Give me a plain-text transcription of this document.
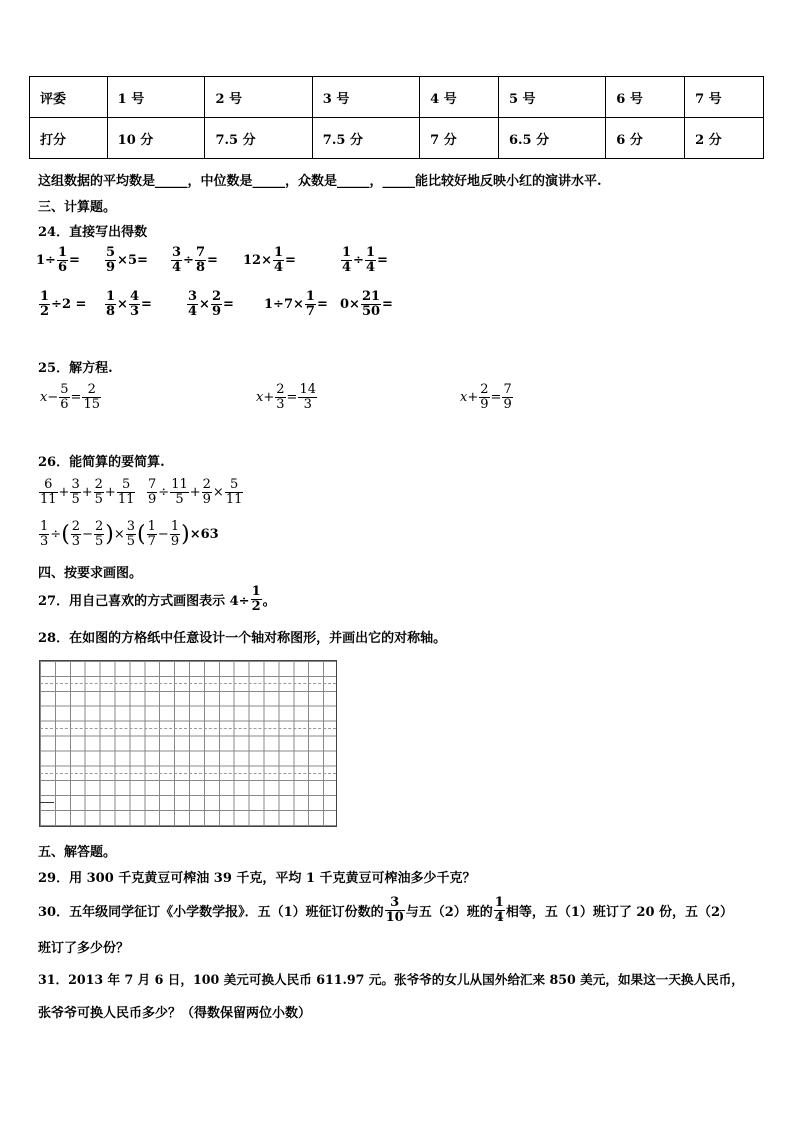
评委	1 号	2 号	3 号	4 号	5 号	6 号	7 号
打分	10 分	7.5 分	7.5 分	7 分	6.5 分	6 分	2 分
这组数据的平均数是_____，中位数是_____，众数是_____，_____能比较好地反映小红的演讲水平.
三、计算题。
24．直接写出得数
$1\div \frac{1}{6} = \frac{5}{9} \times 5= \frac{3}{4} \div \frac{7}{8} = 12\times \frac{1}{4}$ =	$\frac{1}{4} \div \frac{1}{4}$ =
$\frac{1}{2} \div 2 = \frac{1}{8} \times \frac{4}{3}$ =	$\frac{3}{4} \times \frac{2}{9} = 1\div 7\times \frac{1}{7} = 0\times \frac{21}{50}$ =
25．解方程.
$x - \frac{5}{6} = \frac{2}{15}$	$x + \frac{2}{3} = \frac{14}{3}$	$x + \frac{2}{9} = \frac{7}{9}$
26．能简算的要简算.
$\frac{6}{11} + \frac{3}{5} + \frac{2}{5} + \frac{5}{11} \frac{7}{9} \div \frac{11}{5} + \frac{2}{9} \times \frac{5}{11}$
$\frac{1}{3}$ ÷ ( $\frac{2}{3} - \frac{2}{5}$ ) × $\frac{3}{5}$ ( $\frac{1}{7} - \frac{1}{9}$ ) ×63
四、按要求画图。
27．用自己喜欢的方式画图表示 $4\div \frac{1}{2}$ 。
28．在如图的方格纸中任意设计一个轴对称图形，并画出它的对称轴。
五、解答题。
29．用 300 千克黄豆可榨油 39 千克，平均 1 千克黄豆可榨油多少千克？
30．五年级同学征订《小学数学报》．五（1）班征订份数的 $\frac{3}{10}$ 与五（2）班的 $\frac{1}{4}$ 相等，五（1）班订了 20 份，五（2）
班订了多少份？
31．2013 年 7 月 6 日，100 美元可换人民币 611.97 元。张爷爷的女儿从国外给汇来 850 美元，如果这一天换人民币，
张爷爷可换人民币多少？（得数保留两位小数）
